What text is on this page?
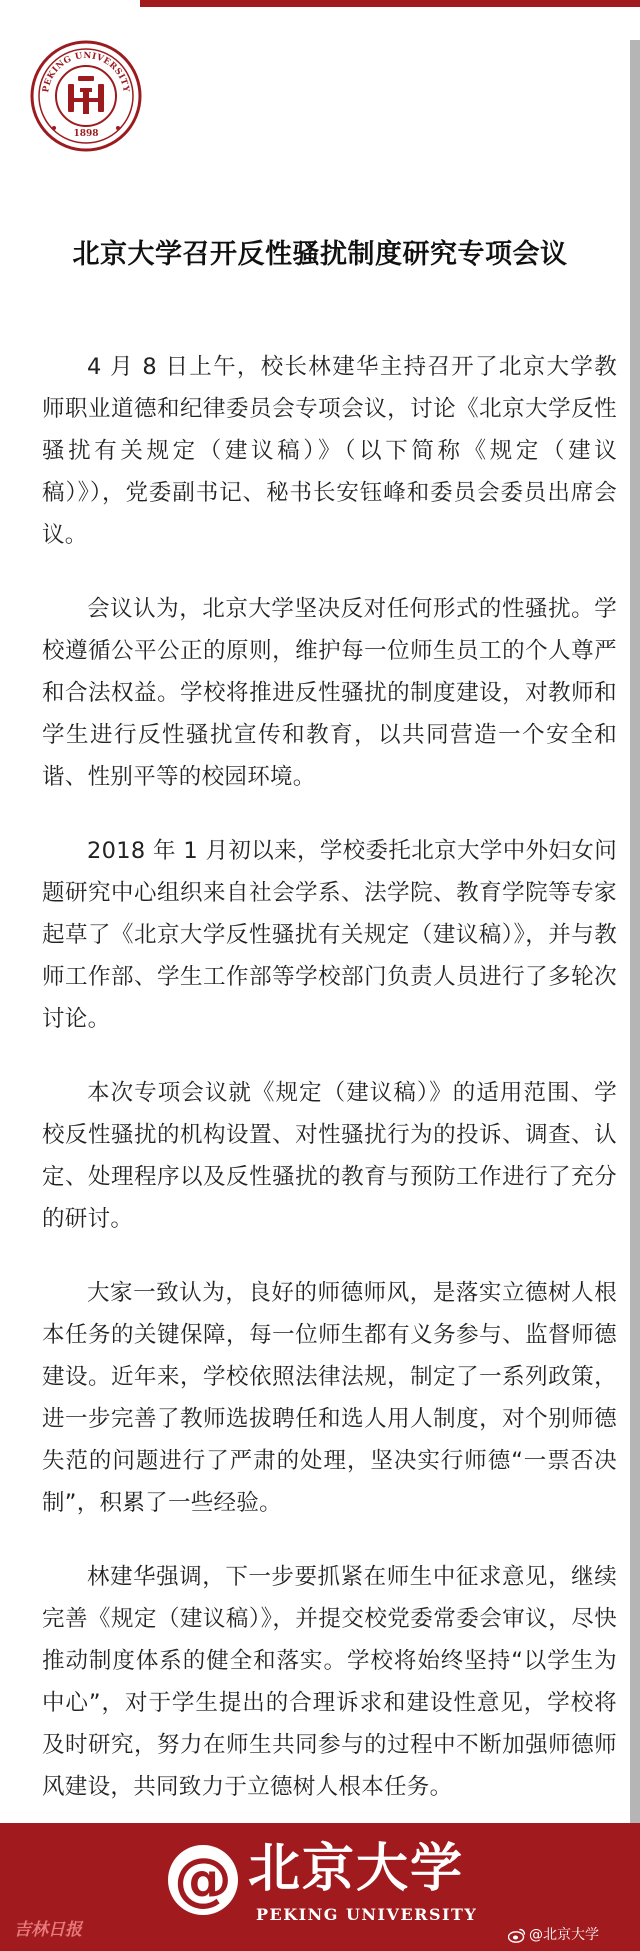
PEKING UNIVERSITY
1898
北京大学召开反性骚扰制度研究专项会议

4 月 8 日上午，校长林建华主持召开了北京大学教师职业道德和纪律委员会专项会议，讨论《北京大学反性骚扰有关规定（建议稿）》（以下简称《规定（建议稿）》），党委副书记、秘书长安钰峰和委员会委员出席会议。

会议认为，北京大学坚决反对任何形式的性骚扰。学校遵循公平公正的原则，维护每一位师生员工的个人尊严和合法权益。学校将推进反性骚扰的制度建设，对教师和学生进行反性骚扰宣传和教育，以共同营造一个安全和谐、性别平等的校园环境。

2018 年 1 月初以来，学校委托北京大学中外妇女问题研究中心组织来自社会学系、法学院、教育学院等专家起草了《北京大学反性骚扰有关规定（建议稿）》，并与教师工作部、学生工作部等学校部门负责人员进行了多轮次讨论。

本次专项会议就《规定（建议稿）》的适用范围、学校反性骚扰的机构设置、对性骚扰行为的投诉、调查、认定、处理程序以及反性骚扰的教育与预防工作进行了充分的研讨。

大家一致认为，良好的师德师风，是落实立德树人根本任务的关键保障，每一位师生都有义务参与、监督师德建设。近年来，学校依照法律法规，制定了一系列政策，进一步完善了教师选拔聘任和选人用人制度，对个别师德失范的问题进行了严肃的处理，坚决实行师德“一票否决制”，积累了一些经验。

林建华强调，下一步要抓紧在师生中征求意见，继续完善《规定（建议稿）》，并提交校党委常委会审议，尽快推动制度体系的健全和落实。学校将始终坚持“以学生为中心”，对于学生提出的合理诉求和建设性意见，学校将及时研究，努力在师生共同参与的过程中不断加强师德师风建设，共同致力于立德树人根本任务。

@ 北京大学
PEKING UNIVERSITY
吉林日报	@北京大学
